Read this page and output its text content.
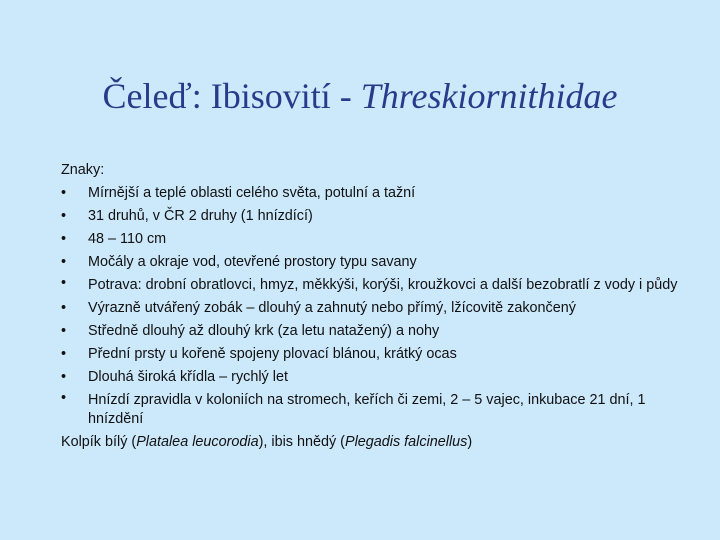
Čeleď: Ibisovití - Threskiornithidae
Znaky:
• Mírnější a teplé oblasti celého světa, potulní a tažní
• 31 druhů, v ČR 2 druhy (1 hnízdící)
• 48 – 110 cm
• Močály a okraje vod, otevřené prostory typu savany
• Potrava: drobní obratlovci, hmyz, měkkýši, korýši, kroužkovci a další bezobratlí z vody i půdy
• Výrazně utvářený zobák – dlouhý a zahnutý nebo přímý, lžícovitě zakončený
• Středně dlouhý až dlouhý krk (za letu natažený) a nohy
• Přední prsty u kořeně spojeny plovací blánou, krátký ocas
• Dlouhá široká křídla – rychlý let
• Hnízdí zpravidla v koloniích na stromech, keřích či zemi, 2 – 5 vajec, inkubace 21 dní, 1 hnízdění
Kolpík bílý (Platalea leucorodia), ibis hnědý (Plegadis falcinellus)
